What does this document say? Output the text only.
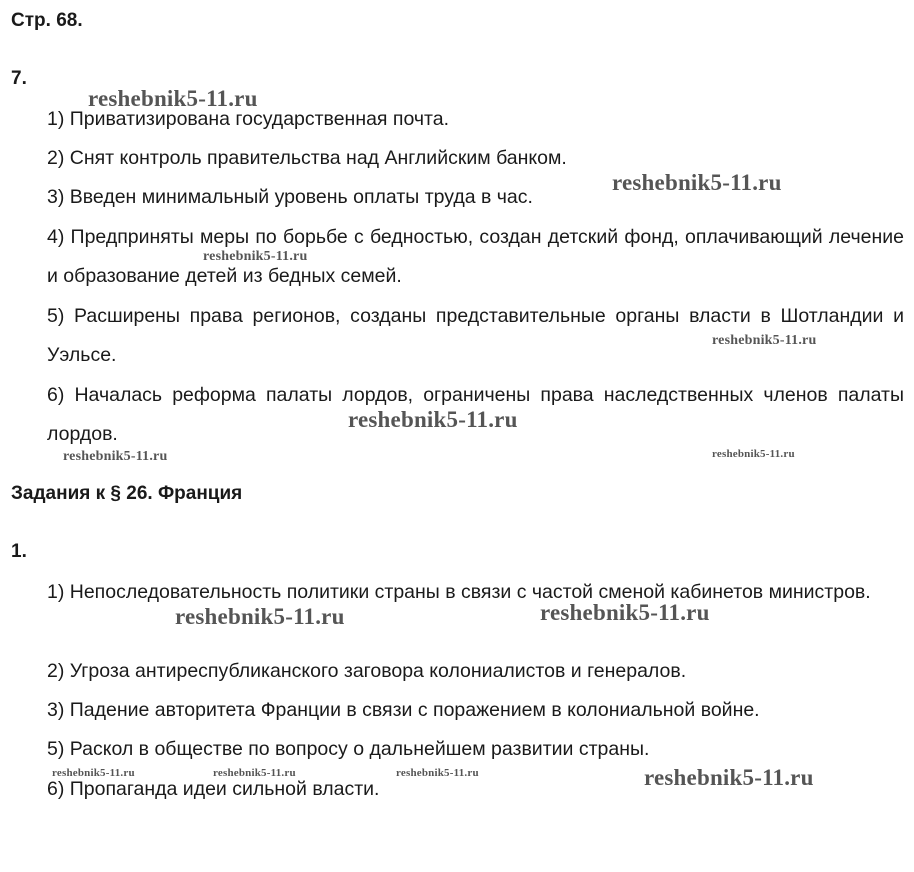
Стр. 68.
7.
1) Приватизирована государственная почта.
2) Снят контроль правительства над Английским банком.
3) Введен минимальный уровень оплаты труда в час.
4) Предприняты меры по борьбе с бедностью, создан детский фонд, оплачивающий лечение и образование детей из бедных семей.
5) Расширены права регионов, созданы представительные органы власти в Шотландии и Уэльсе.
6) Началась реформа палаты лордов, ограничены права наследственных членов палаты лордов.
Задания к § 26. Франция
1.
1) Непоследовательность политики страны в связи с частой сменой кабинетов министров.
2) Угроза антиреспубликанского заговора колониалистов и генералов.
3) Падение авторитета Франции в связи с поражением в колониальной войне.
5) Раскол в обществе по вопросу о дальнейшем развитии страны.
6) Пропаганда идеи сильной власти.
reshebnik5-11.ru
reshebnik5-11.ru
reshebnik5-11.ru
reshebnik5-11.ru
reshebnik5-11.ru
reshebnik5-11.ru	reshebnik5-11.ru
reshebnik5-11.ru	reshebnik5-11.ru
reshebnik5-11.ru	reshebnik5-11.ru	reshebnik5-11.ru	reshebnik5-11.ru
